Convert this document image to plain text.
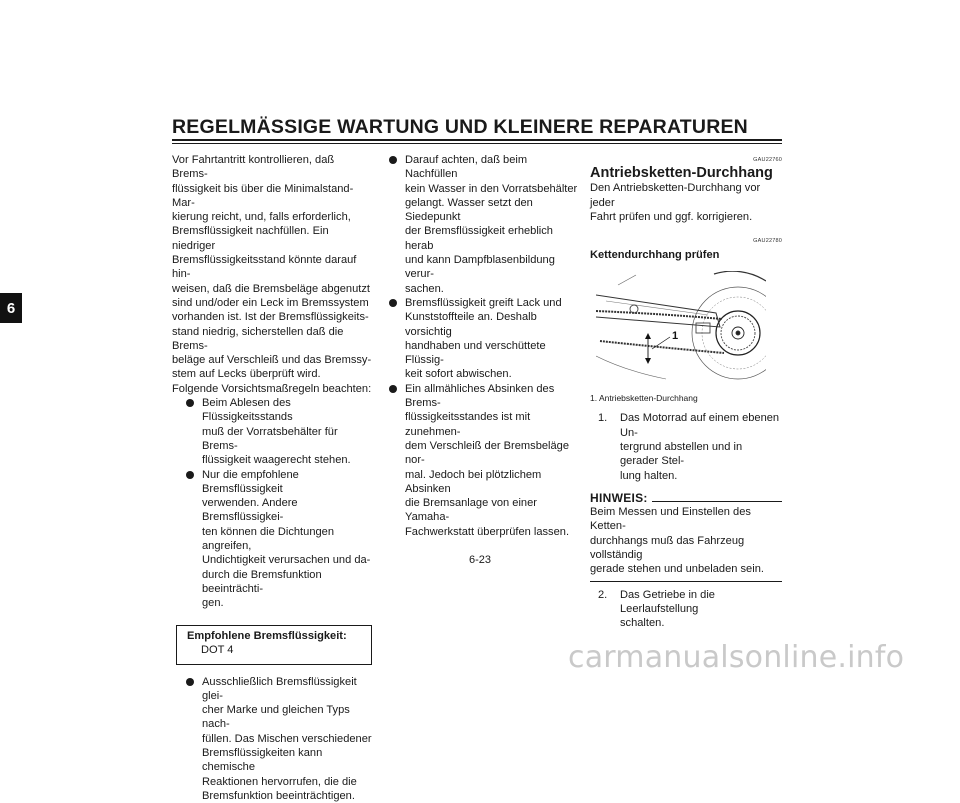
REGELMÄSSIGE WARTUNG UND KLEINERE REPARATUREN
6
Vor Fahrtantritt kontrollieren, daß Brems-
flüssigkeit bis über die Minimalstand-Mar-
kierung reicht, und, falls erforderlich,
Bremsflüssigkeit nachfüllen. Ein niedriger
Bremsflüssigkeitsstand könnte darauf hin-
weisen, daß die Bremsbeläge abgenutzt
sind und/oder ein Leck im Bremssystem
vorhanden ist. Ist der Bremsflüssigkeits-
stand niedrig, sicherstellen daß die Brems-
beläge auf Verschleiß und das Bremssy-
stem auf Lecks überprüft wird.
Folgende Vorsichtsmaßregeln beachten:
Beim Ablesen des Flüssigkeitsstands
muß der Vorratsbehälter für Brems-
flüssigkeit waagerecht stehen.
Nur die empfohlene Bremsflüssigkeit
verwenden. Andere Bremsflüssigkei-
ten können die Dichtungen angreifen,
Undichtigkeit verursachen und da-
durch die Bremsfunktion beeinträchti-
gen.
Empfohlene Bremsflüssigkeit:
DOT 4
Ausschließlich Bremsflüssigkeit glei-
cher Marke und gleichen Typs nach-
füllen. Das Mischen verschiedener
Bremsflüssigkeiten kann chemische
Reaktionen hervorrufen, die die
Bremsfunktion beeinträchtigen.
Darauf achten, daß beim Nachfüllen
kein Wasser in den Vorratsbehälter
gelangt. Wasser setzt den Siedepunkt
der Bremsflüssigkeit erheblich herab
und kann Dampfblasenbildung verur-
sachen.
Bremsflüssigkeit greift Lack und
Kunststoffteile an. Deshalb vorsichtig
handhaben und verschüttete Flüssig-
keit sofort abwischen.
Ein allmähliches Absinken des Brems-
flüssigkeitsstandes ist mit zunehmen-
dem Verschleiß der Bremsbeläge nor-
mal. Jedoch bei plötzlichem Absinken
die Bremsanlage von einer Yamaha-
Fachwerkstatt überprüfen lassen.
GAU22760
Antriebsketten-Durchhang
Den Antriebsketten-Durchhang vor jeder
Fahrt prüfen und ggf. korrigieren.
GAU22780
Kettendurchhang prüfen
1
1. Antriebsketten-Durchhang
1. Das Motorrad auf einem ebenen Un-
tergrund abstellen und in gerader Stel-
lung halten.
HINWEIS:
Beim Messen und Einstellen des Ketten-
durchhangs muß das Fahrzeug vollständig
gerade stehen und unbeladen sein.
2. Das Getriebe in die Leerlaufstellung
schalten.
6-23
carmanualsonline.info
